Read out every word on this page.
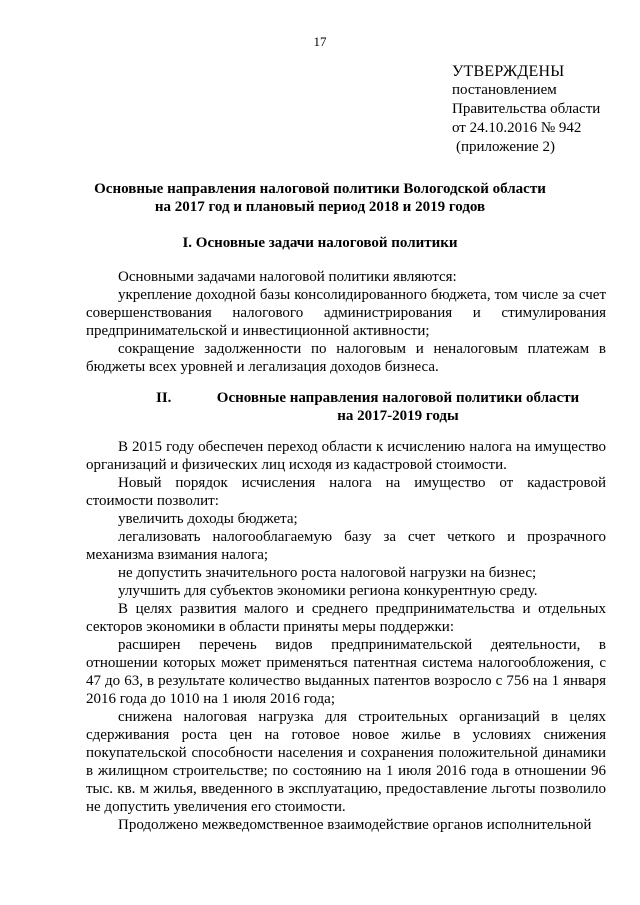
17
УТВЕРЖДЕНЫ
постановлением
Правительства области
от 24.10.2016 № 942
(приложение 2)
Основные направления налоговой политики Вологодской области
на 2017 год и плановый период 2018 и 2019 годов
I. Основные задачи налоговой политики

Основными задачами налоговой политики являются:

укрепление доходной базы консолидированного бюджета, том числе за счет совершенствования налогового администрирования и стимулирования предпринимательской и инвестиционной активности;

сокращение задолженности по налоговым и неналоговым платежам в бюджеты всех уровней и легализация доходов бизнеса.

II.	Основные направления налоговой политики области
на 2017-2019 годы

В 2015 году обеспечен переход области к исчислению налога на имущество организаций и физических лиц исходя из кадастровой стоимости.

Новый порядок исчисления налога на имущество от кадастровой стоимости позволит:

увеличить доходы бюджета;

легализовать налогооблагаемую базу за счет четкого и прозрачного механизма взимания налога;

не допустить значительного роста налоговой нагрузки на бизнес;

улучшить для субъектов экономики региона конкурентную среду.

В целях развития малого и среднего предпринимательства и отдельных секторов экономики в области приняты меры поддержки:

расширен перечень видов предпринимательской деятельности, в отношении которых может применяться патентная система налогообложения, с 47 до 63, в результате количество выданных патентов возросло с 756 на 1 января 2016 года до 1010 на 1 июля 2016 года;

снижена налоговая нагрузка для строительных организаций в целях сдерживания роста цен на готовое новое жилье в условиях снижения покупательской способности населения и сохранения положительной динамики в жилищном строительстве; по состоянию на 1 июля 2016 года в отношении 96 тыс. кв. м жилья, введенного в эксплуатацию, предоставление льготы позволило не допустить увеличения его стоимости.

Продолжено межведомственное взаимодействие органов исполнительной
